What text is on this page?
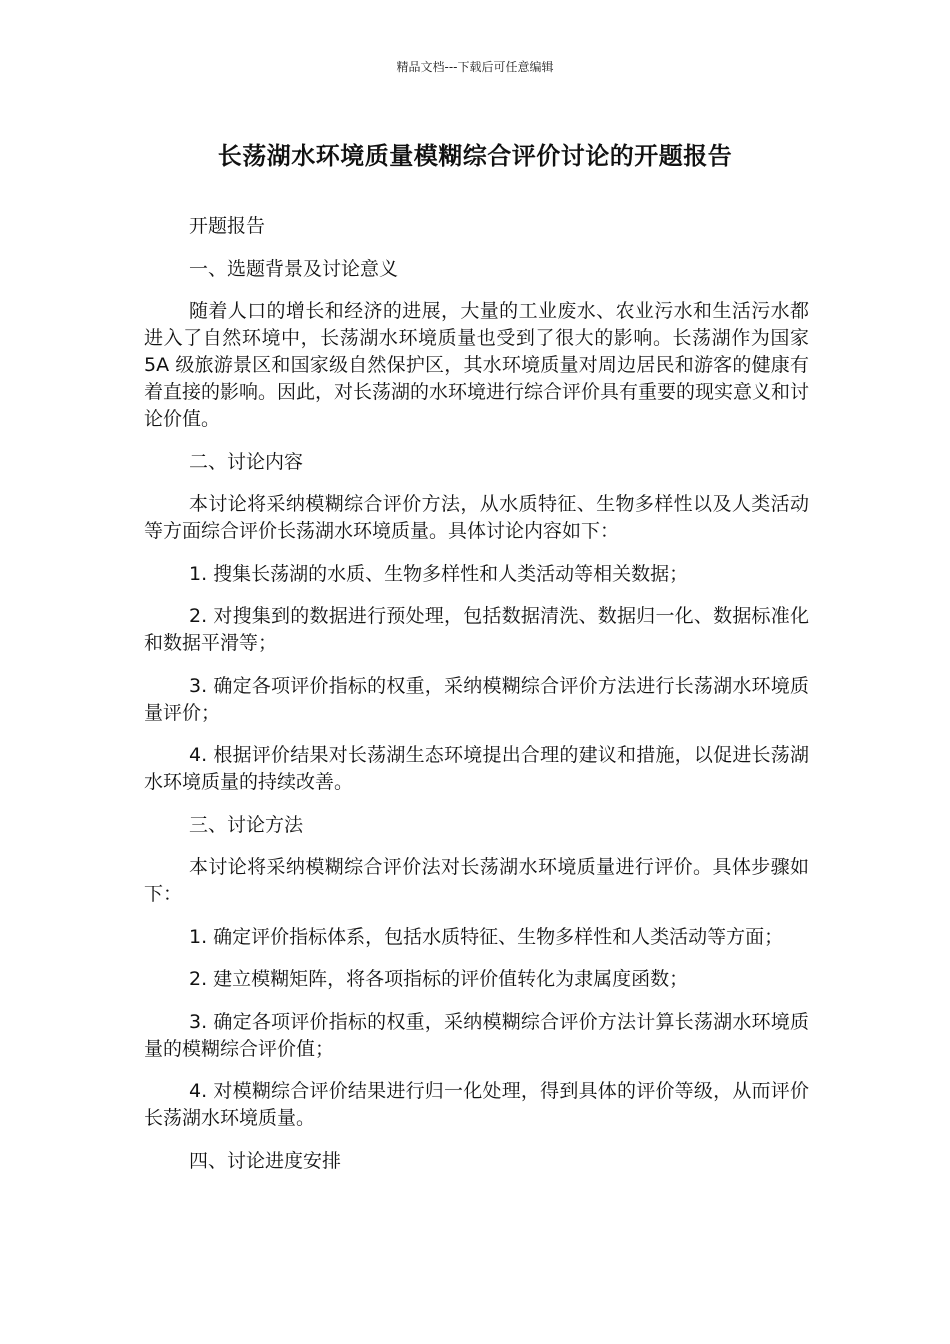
精品文档---下载后可任意编辑
长荡湖水环境质量模糊综合评价讨论的开题报告

开题报告

一、选题背景及讨论意义

随着人口的增长和经济的进展，大量的工业废水、农业污水和生活污水都进入了自然环境中，长荡湖水环境质量也受到了很大的影响。长荡湖作为国家 5A 级旅游景区和国家级自然保护区，其水环境质量对周边居民和游客的健康有着直接的影响。因此，对长荡湖的水环境进行综合评价具有重要的现实意义和讨论价值。

二、讨论内容

本讨论将采纳模糊综合评价方法，从水质特征、生物多样性以及人类活动等方面综合评价长荡湖水环境质量。具体讨论内容如下：

1. 搜集长荡湖的水质、生物多样性和人类活动等相关数据；

2. 对搜集到的数据进行预处理，包括数据清洗、数据归一化、数据标准化和数据平滑等；

3. 确定各项评价指标的权重，采纳模糊综合评价方法进行长荡湖水环境质量评价；

4. 根据评价结果对长荡湖生态环境提出合理的建议和措施，以促进长荡湖水环境质量的持续改善。

三、讨论方法

本讨论将采纳模糊综合评价法对长荡湖水环境质量进行评价。具体步骤如下：

1. 确定评价指标体系，包括水质特征、生物多样性和人类活动等方面；

2. 建立模糊矩阵，将各项指标的评价值转化为隶属度函数；

3. 确定各项评价指标的权重，采纳模糊综合评价方法计算长荡湖水环境质量的模糊综合评价值；

4. 对模糊综合评价结果进行归一化处理，得到具体的评价等级，从而评价长荡湖水环境质量。

四、讨论进度安排
